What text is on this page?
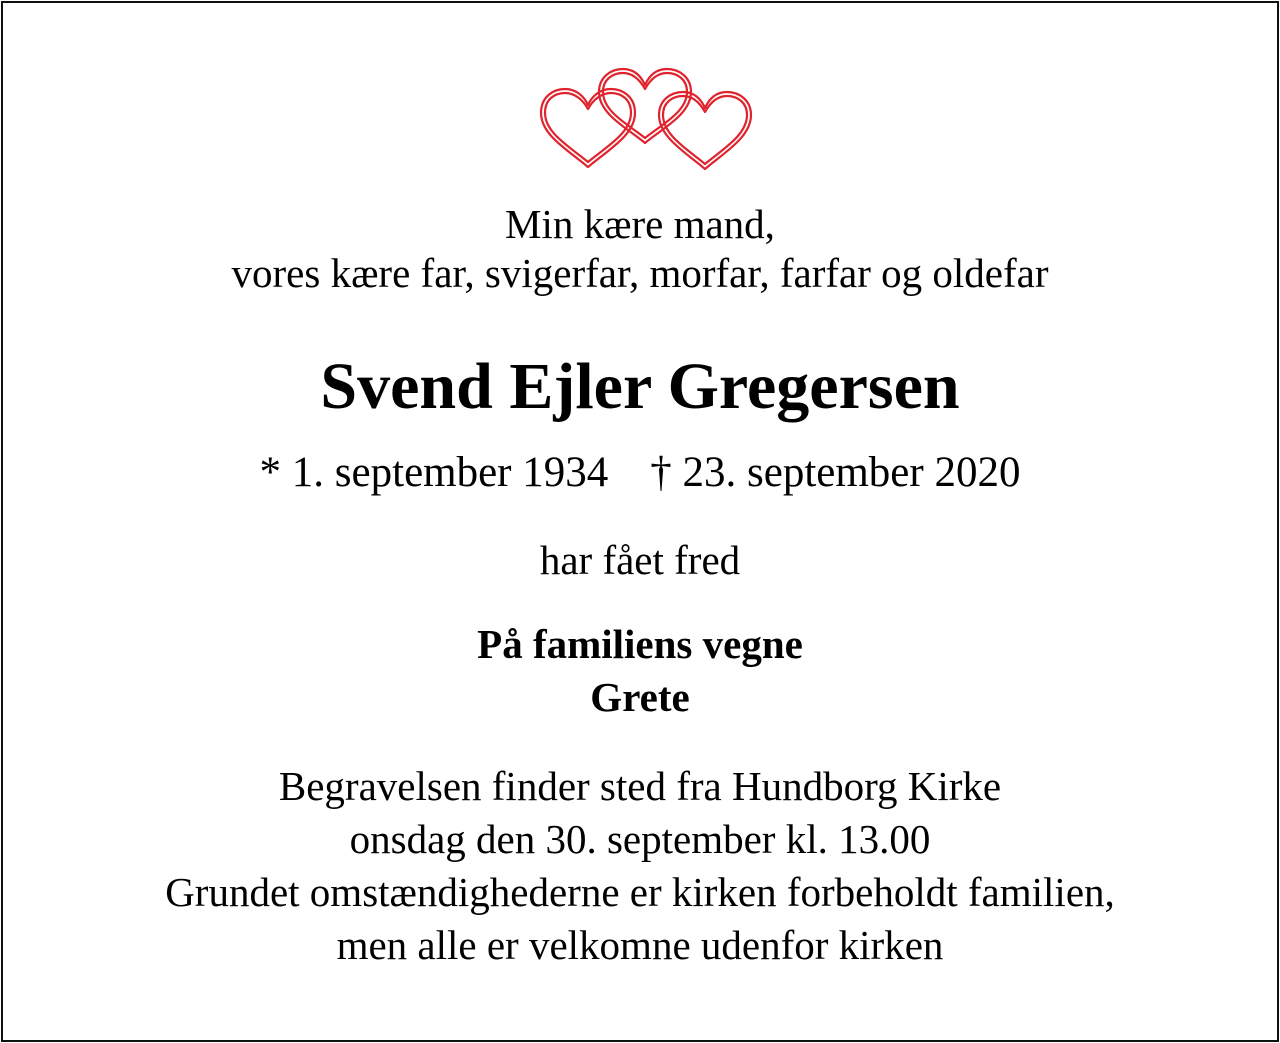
Min kære mand,
vores kære far, svigerfar, morfar, farfar og oldefar
Svend Ejler Gregersen
* 1. september 1934 † 23. september 2020
har fået fred
På familiens vegne
Grete
Begravelsen finder sted fra Hundborg Kirke
onsdag den 30. september kl. 13.00
Grundet omstændighederne er kirken forbeholdt familien,
men alle er velkomne udenfor kirken
